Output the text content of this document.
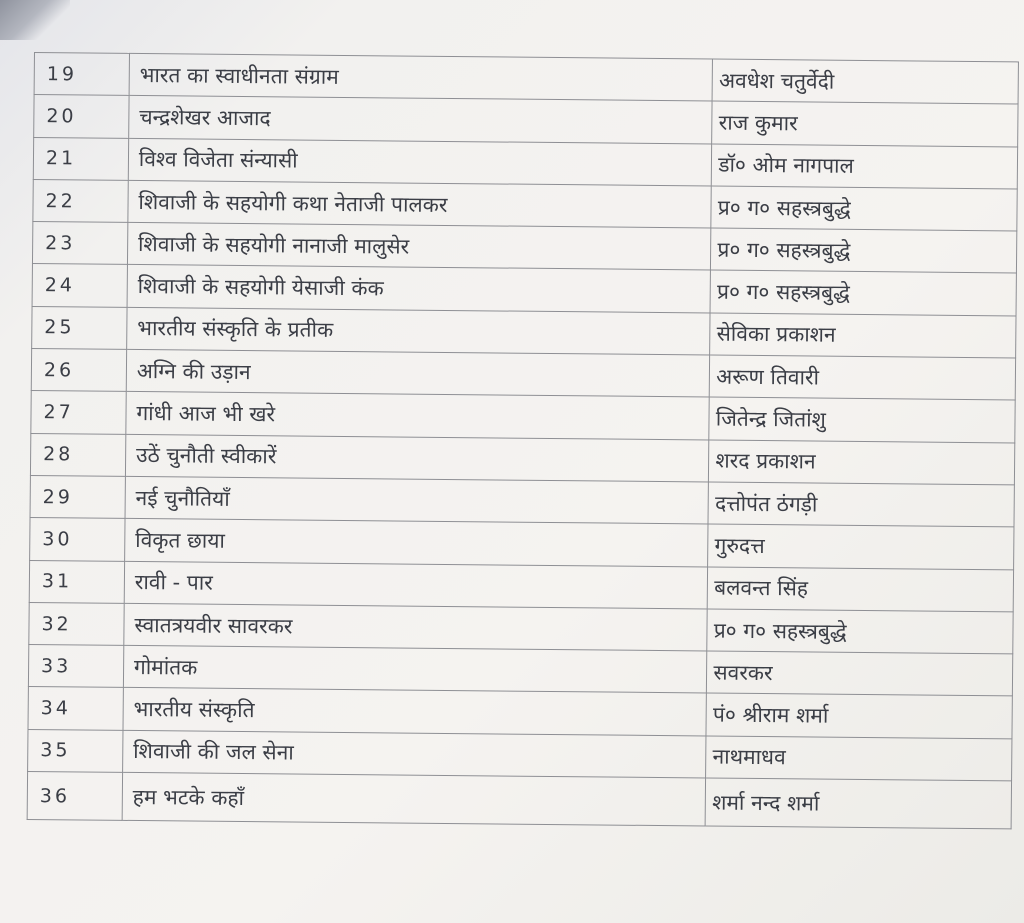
19	भारत का स्वाधीनता संग्राम	अवधेश चतुर्वेदी
20	चन्द्रशेखर आजाद	राज कुमार
21	विश्व विजेता संन्यासी	डॉ० ओम नागपाल
22	शिवाजी के सहयोगी कथा नेताजी पालकर	प्र० ग० सहस्त्रबुद्धे
23	शिवाजी के सहयोगी नानाजी मालुसेर	प्र० ग० सहस्त्रबुद्धे
24	शिवाजी के सहयोगी येसाजी कंक	प्र० ग० सहस्त्रबुद्धे
25	भारतीय संस्कृति के प्रतीक	सेविका प्रकाशन
26	अग्नि की उड़ान	अरूण तिवारी
27	गांधी आज भी खरे	जितेन्द्र जितांशु
28	उठें चुनौती स्वीकारें	शरद प्रकाशन
29	नई चुनौतियाँ	दत्तोपंत ठंगड़ी
30	विकृत छाया	गुरुदत्त
31	रावी - पार	बलवन्त सिंह
32	स्वातत्रयवीर सावरकर	प्र० ग० सहस्त्रबुद्धे
33	गोमांतक	सवरकर
34	भारतीय संस्कृति	पं० श्रीराम शर्मा
35	शिवाजी की जल सेना	नाथमाधव
36	हम भटके कहाँ	शर्मा नन्द शर्मा
